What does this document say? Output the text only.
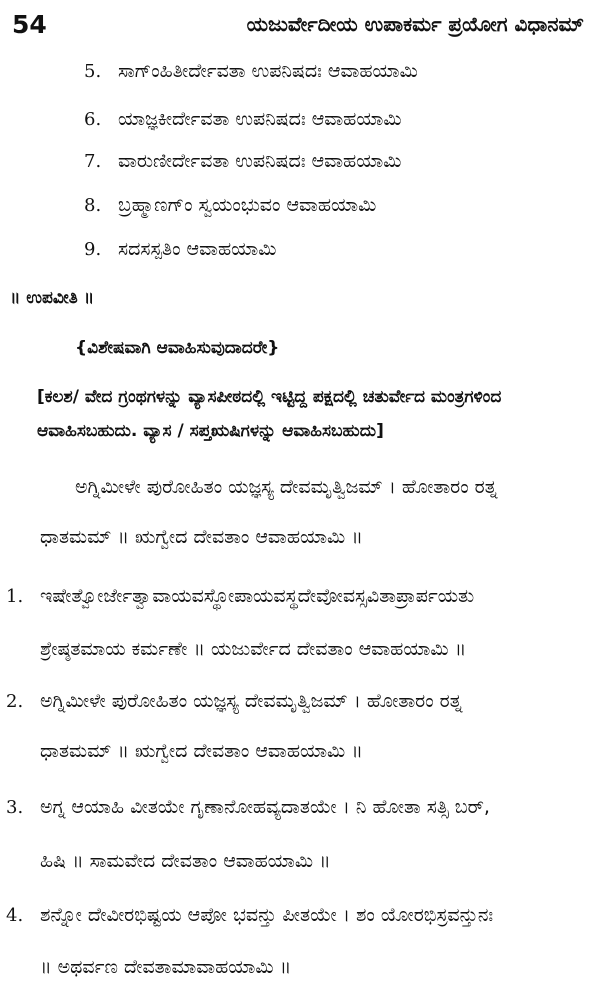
54	ಯಜುರ್ವೇದೀಯ ಉಪಾಕರ್ಮ ಪ್ರಯೋಗ ವಿಧಾನಮ್
5. ಸಾಗ್ಂಹಿತೀರ್ದೇವತಾ ಉಪನಿಷದಃ ಆವಾಹಯಾಮಿ
6. ಯಾಜ್ಞಕೀರ್ದೇವತಾ ಉಪನಿಷದಃ ಆವಾಹಯಾಮಿ
7. ವಾರುಣೀರ್ದೇವತಾ ಉಪನಿಷದಃ ಆವಾಹಯಾಮಿ
8. ಬ್ರಹ್ಮಾಣಗ್ಂ ಸ್ವಯಂಭುವಂ ಆವಾಹಯಾಮಿ
9. ಸದಸಸ್ಪತಿಂ ಆವಾಹಯಾಮಿ
॥ ಉಪವೀತಿ ॥
{ವಿಶೇಷವಾಗಿ ಆವಾಹಿಸುವುದಾದರೇ}
[ಕಲಶ/ ವೇದ ಗ್ರಂಥಗಳನ್ನು ವ್ಯಾಸಪೀಠದಲ್ಲಿ ಇಟ್ಟಿದ್ದ ಪಕ್ಷದಲ್ಲಿ ಚತುರ್ವೇದ ಮಂತ್ರಗಳಿಂದ ಆವಾಹಿಸಬಹುದು. ವ್ಯಾಸ / ಸಪ್ತಋಷಿಗಳನ್ನು ಆವಾಹಿಸಬಹುದು]
ಅಗ್ನಿಮೀಳೇ ಪುರೋಹಿತಂ ಯಜ್ಞಸ್ಯ ದೇವಮೃತ್ವಿಜಮ್ । ಹೋತಾರಂ ರತ್ನ
ಧಾತಮಮ್ ॥ ಋಗ್ವೇದ ದೇವತಾಂ ಆವಾಹಯಾಮಿ ॥
1. ಇಷೇತ್ವೋರ್ಜೇತ್ವಾವಾಯವಸ್ಥೋಪಾಯವಸ್ಥದೇವೋವಸ್ಸವಿತಾಪ್ರಾರ್ಪಯತು
ಶ್ರೇಷ್ಠತಮಾಯ ಕರ್ಮಣೇ ॥ ಯಜುರ್ವೇದ ದೇವತಾಂ ಆವಾಹಯಾಮಿ ॥
2. ಅಗ್ನಿಮೀಳೇ ಪುರೋಹಿತಂ ಯಜ್ಞಸ್ಯ ದೇವಮೃತ್ವಿಜಮ್ । ಹೋತಾರಂ ರತ್ನ
ಧಾತಮಮ್ ॥ ಋಗ್ವೇದ ದೇವತಾಂ ಆವಾಹಯಾಮಿ ॥
3. ಅಗ್ನ ಆಯಾಹಿ ವೀತಯೇ ಗೃಣಾನೋಹವ್ಯದಾತಯೇ । ನಿ ಹೋತಾ ಸತ್ಸಿ ಬರ್,
ಹಿಷಿ ॥ ಸಾಮವೇದ ದೇವತಾಂ ಆವಾಹಯಾಮಿ ॥
4. ಶನ್ನೋ ದೇವೀರಭಿಷ್ಟಯ ಆಪೋ ಭವನ್ತು ಪೀತಯೇ । ಶಂ ಯೋರಭಿಸ್ರವನ್ತುನಃ
॥ ಅಥರ್ವಣ ದೇವತಾಮಾವಾಹಯಾಮಿ ॥
